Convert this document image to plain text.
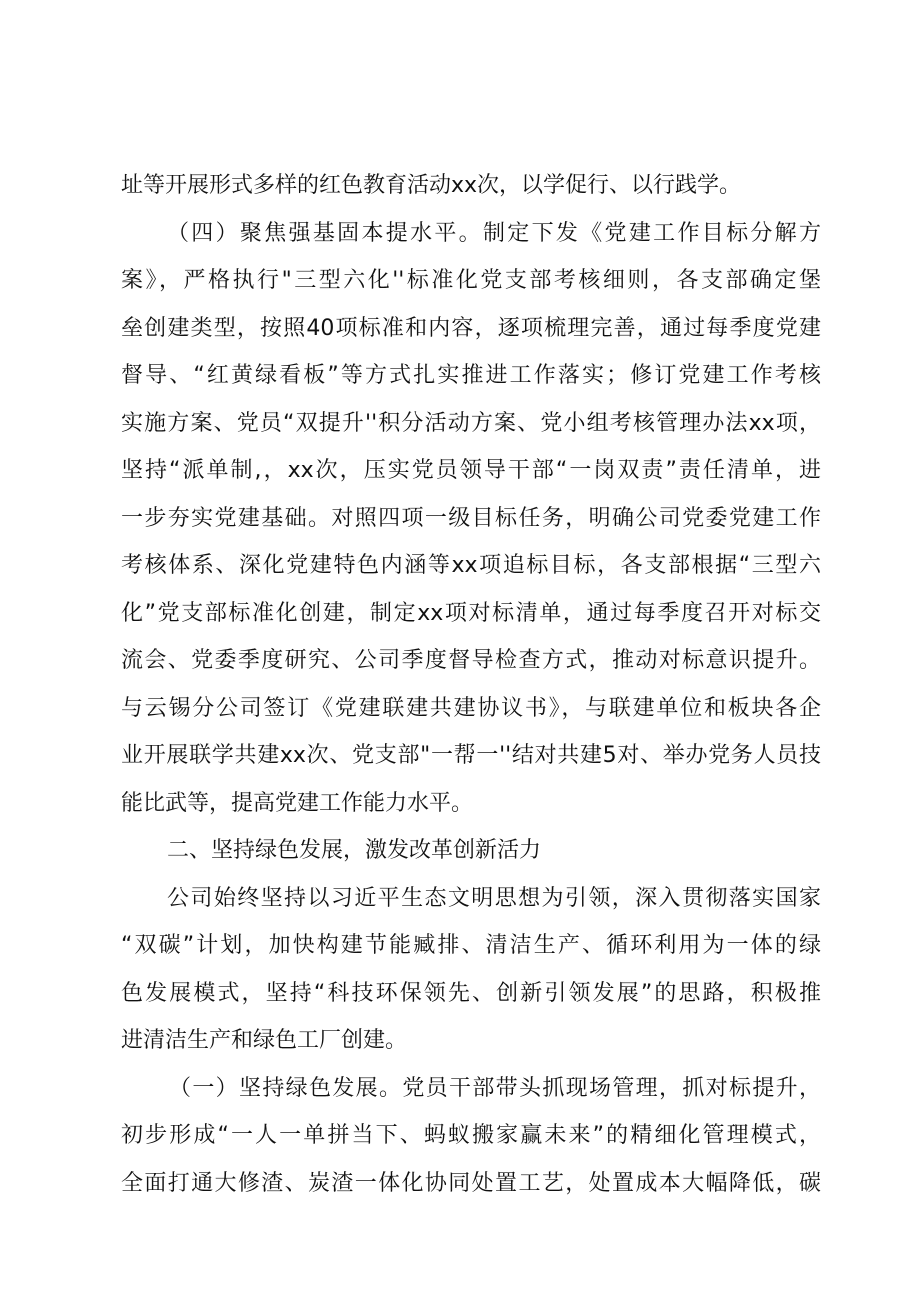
址等开展形式多样的红色教育活动xx次，以学促行、以行践学。
（四）聚焦强基固本提水平。制定下发《党建工作目标分解方
案》，严格执行"三型六化''标准化党支部考核细则，各支部确定堡
垒创建类型，按照40项标准和内容，逐项梳理完善，通过每季度党建
督导、“红黄绿看板”等方式扎实推进工作落实；修订党建工作考核
实施方案、党员“双提升''积分活动方案、党小组考核管理办法xx项，
坚持“派单制,，xx次，压实党员领导干部“一岗双责”责任清单，进
一步夯实党建基础。对照四项一级目标任务，明确公司党委党建工作
考核体系、深化党建特色内涵等xx项追标目标，各支部根据“三型六
化”党支部标准化创建，制定xx项对标清单，通过每季度召开对标交
流会、党委季度研究、公司季度督导检查方式，推动对标意识提升。
与云锡分公司签订《党建联建共建协议书》，与联建单位和板块各企
业开展联学共建xx次、党支部"一帮一''结对共建5对、举办党务人员技
能比武等，提高党建工作能力水平。
二、坚持绿色发展，激发改革创新活力
公司始终坚持以习近平生态文明思想为引领，深入贯彻落实国家
“双碳”计划，加快构建节能臧排、清洁生产、循环利用为一体的绿
色发展模式，坚持“科技环保领先、创新引领发展”的思路，积极推
进清洁生产和绿色工厂创建。
（一）坚持绿色发展。党员干部带头抓现场管理，抓对标提升，
初步形成“一人一单拼当下、蚂蚁搬家赢未来”的精细化管理模式，
全面打通大修渣、炭渣一体化协同处置工艺，处置成本大幅降低，碳
